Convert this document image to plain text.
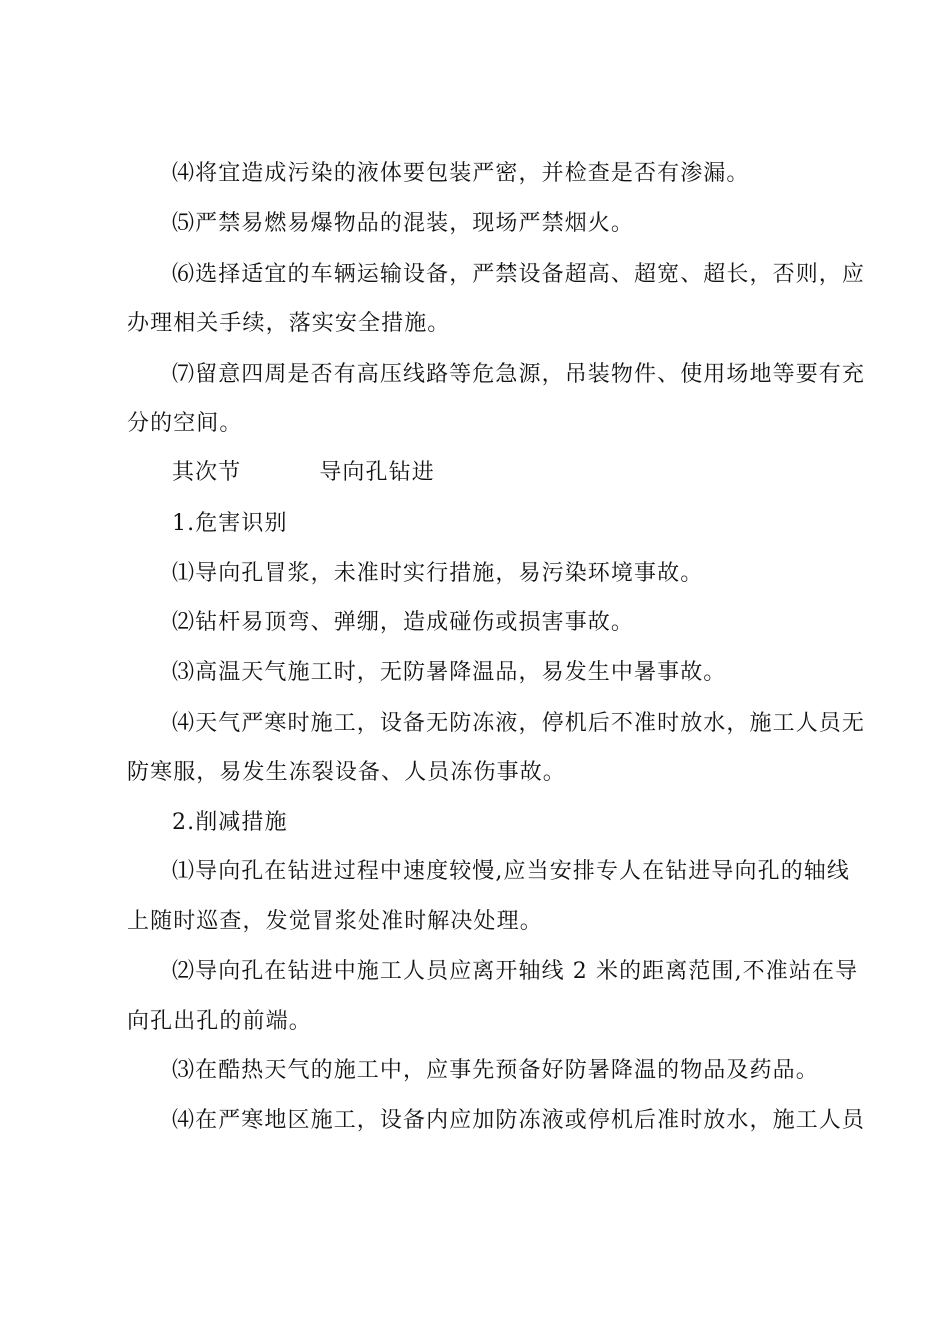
⑷将宜造成污染的液体要包装严密，并检查是否有渗漏。
⑸严禁易燃易爆物品的混装，现场严禁烟火。
⑹选择适宜的车辆运输设备，严禁设备超高、超宽、超长，否则，应
办理相关手续，落实安全措施。
⑺留意四周是否有高压线路等危急源，吊装物件、使用场地等要有充
分的空间。
其次节	导向孔钻进
1.危害识别
⑴导向孔冒浆，未准时实行措施，易污染环境事故。
⑵钻杆易顶弯、弹绷，造成碰伤或损害事故。
⑶高温天气施工时，无防暑降温品，易发生中暑事故。
⑷天气严寒时施工，设备无防冻液，停机后不准时放水，施工人员无
防寒服，易发生冻裂设备、人员冻伤事故。
2.削减措施
⑴导向孔在钻进过程中速度较慢,应当安排专人在钻进导向孔的轴线
上随时巡查，发觉冒浆处准时解决处理。
⑵导向孔在钻进中施工人员应离开轴线 2 米的距离范围,不准站在导
向孔出孔的前端。
⑶在酷热天气的施工中，应事先预备好防暑降温的物品及药品。
⑷在严寒地区施工，设备内应加防冻液或停机后准时放水，施工人员
